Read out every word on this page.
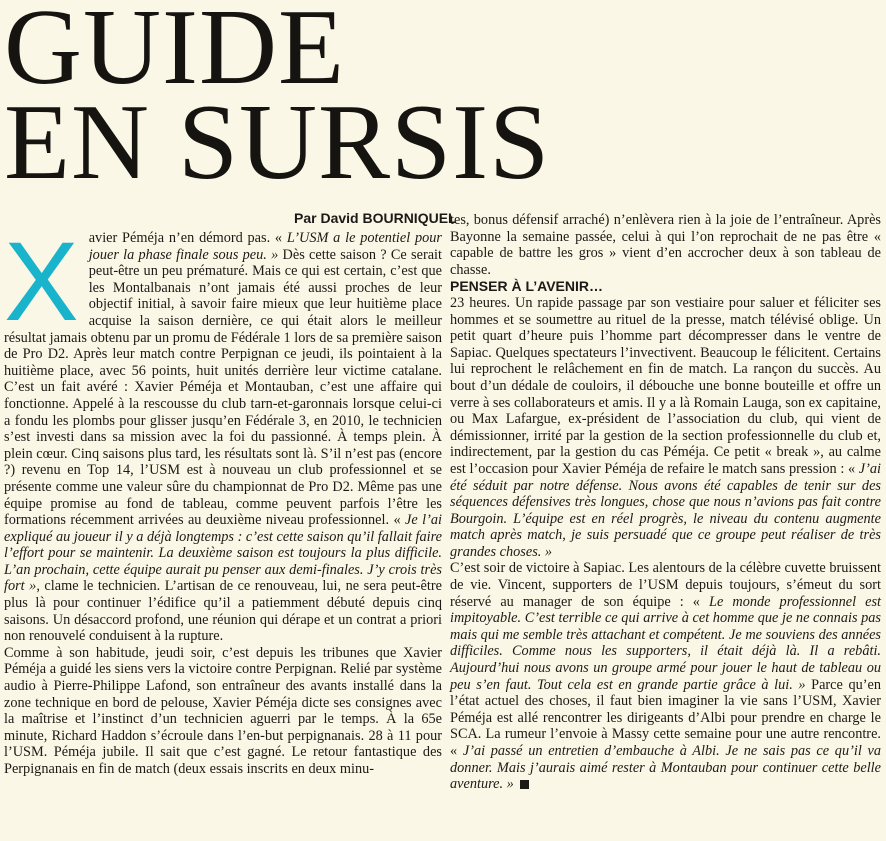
GUIDE
EN SURSIS
Par David BOURNIQUEL

Xavier Péméja n’en démord pas. « L’USM a le potentiel pour jouer la phase finale sous peu. » Dès cette saison ? Ce serait peut-être un peu prématuré. Mais ce qui est certain, c’est que les Montalbanais n’ont jamais été aussi proches de leur objectif initial, à savoir faire mieux que leur huitième place acquise la saison dernière, ce qui était alors le meilleur résultat jamais obtenu par un promu de Fédérale 1 lors de sa première saison de Pro D2. Après leur match contre Perpignan ce jeudi, ils pointaient à la huitième place, avec 56 points, huit unités derrière leur victime catalane. C’est un fait avéré : Xavier Péméja et Montauban, c’est une affaire qui fonctionne. Appelé à la rescousse du club tarn-et-garonnais lorsque celui-ci a fondu les plombs pour glisser jusqu’en Fédérale 3, en 2010, le technicien s’est investi dans sa mission avec la foi du passionné. À temps plein. À plein cœur. Cinq saisons plus tard, les résultats sont là. S’il n’est pas (encore ?) revenu en Top 14, l’USM est à nouveau un club professionnel et se présente comme une valeur sûre du championnat de Pro D2. Même pas une équipe promise au fond de tableau, comme peuvent parfois l’être les formations récemment arrivées au deuxième niveau professionnel. « Je l’ai expliqué au joueur il y a déjà longtemps : c’est cette saison qu’il fallait faire l’effort pour se maintenir. La deuxième saison est toujours la plus difficile. L’an prochain, cette équipe aurait pu penser aux demi-finales. J’y crois très fort », clame le technicien. L’artisan de ce renouveau, lui, ne sera peut-être plus là pour continuer l’édifice qu’il a patiemment débuté depuis cinq saisons. Un désaccord profond, une réunion qui dérape et un contrat a priori non renouvelé conduisent à la rupture.

Comme à son habitude, jeudi soir, c’est depuis les tribunes que Xavier Péméja a guidé les siens vers la victoire contre Perpignan. Relié par système audio à Pierre-Philippe Lafond, son entraîneur des avants installé dans la zone technique en bord de pelouse, Xavier Péméja dicte ses consignes avec la maîtrise et l’instinct d’un technicien aguerri par le temps. À la 65e minute, Richard Haddon s’écroule dans l’en-but perpignanais. 28 à 11 pour l’USM. Péméja jubile. Il sait que c’est gagné. Le retour fantastique des Perpignanais en fin de match (deux essais inscrits en deux minu-

tes, bonus défensif arraché) n’enlèvera rien à la joie de l’entraîneur. Après Bayonne la semaine passée, celui à qui l’on reprochait de ne pas être « capable de battre les gros » vient d’en accrocher deux à son tableau de chasse.

PENSER À L’AVENIR…

23 heures. Un rapide passage par son vestiaire pour saluer et féliciter ses hommes et se soumettre au rituel de la presse, match télévisé oblige. Un petit quart d’heure puis l’homme part décompresser dans le ventre de Sapiac. Quelques spectateurs l’invectivent. Beaucoup le félicitent. Certains lui reprochent le relâchement en fin de match. La rançon du succès. Au bout d’un dédale de couloirs, il débouche une bonne bouteille et offre un verre à ses collaborateurs et amis. Il y a là Romain Lauga, son ex capitaine, ou Max Lafargue, ex-président de l’association du club, qui vient de démissionner, irrité par la gestion de la section professionnelle du club et, indirectement, par la gestion du cas Péméja. Ce petit « break », au calme est l’occasion pour Xavier Péméja de refaire le match sans pression : « J’ai été séduit par notre défense. Nous avons été capables de tenir sur des séquences défensives très longues, chose que nous n’avions pas fait contre Bourgoin. L’équipe est en réel progrès, le niveau du contenu augmente match après match, je suis persuadé que ce groupe peut réaliser de très grandes choses. »

C’est soir de victoire à Sapiac. Les alentours de la célèbre cuvette bruissent de vie. Vincent, supporters de l’USM depuis toujours, s’émeut du sort réservé au manager de son équipe : « Le monde professionnel est impitoyable. C’est terrible ce qui arrive à cet homme que je ne connais pas mais qui me semble très attachant et compétent. Je me souviens des années difficiles. Comme nous les supporters, il était déjà là. Il a rebâti. Aujourd’hui nous avons un groupe armé pour jouer le haut de tableau ou peu s’en faut. Tout cela est en grande partie grâce à lui. » Parce qu’en l’état actuel des choses, il faut bien imaginer la vie sans l’USM, Xavier Péméja est allé rencontrer les dirigeants d’Albi pour prendre en charge le SCA. La rumeur l’envoie à Massy cette semaine pour une autre rencontre. « J’ai passé un entretien d’embauche à Albi. Je ne sais pas ce qu’il va donner. Mais j’aurais aimé rester à Montauban pour continuer cette belle aventure. »
